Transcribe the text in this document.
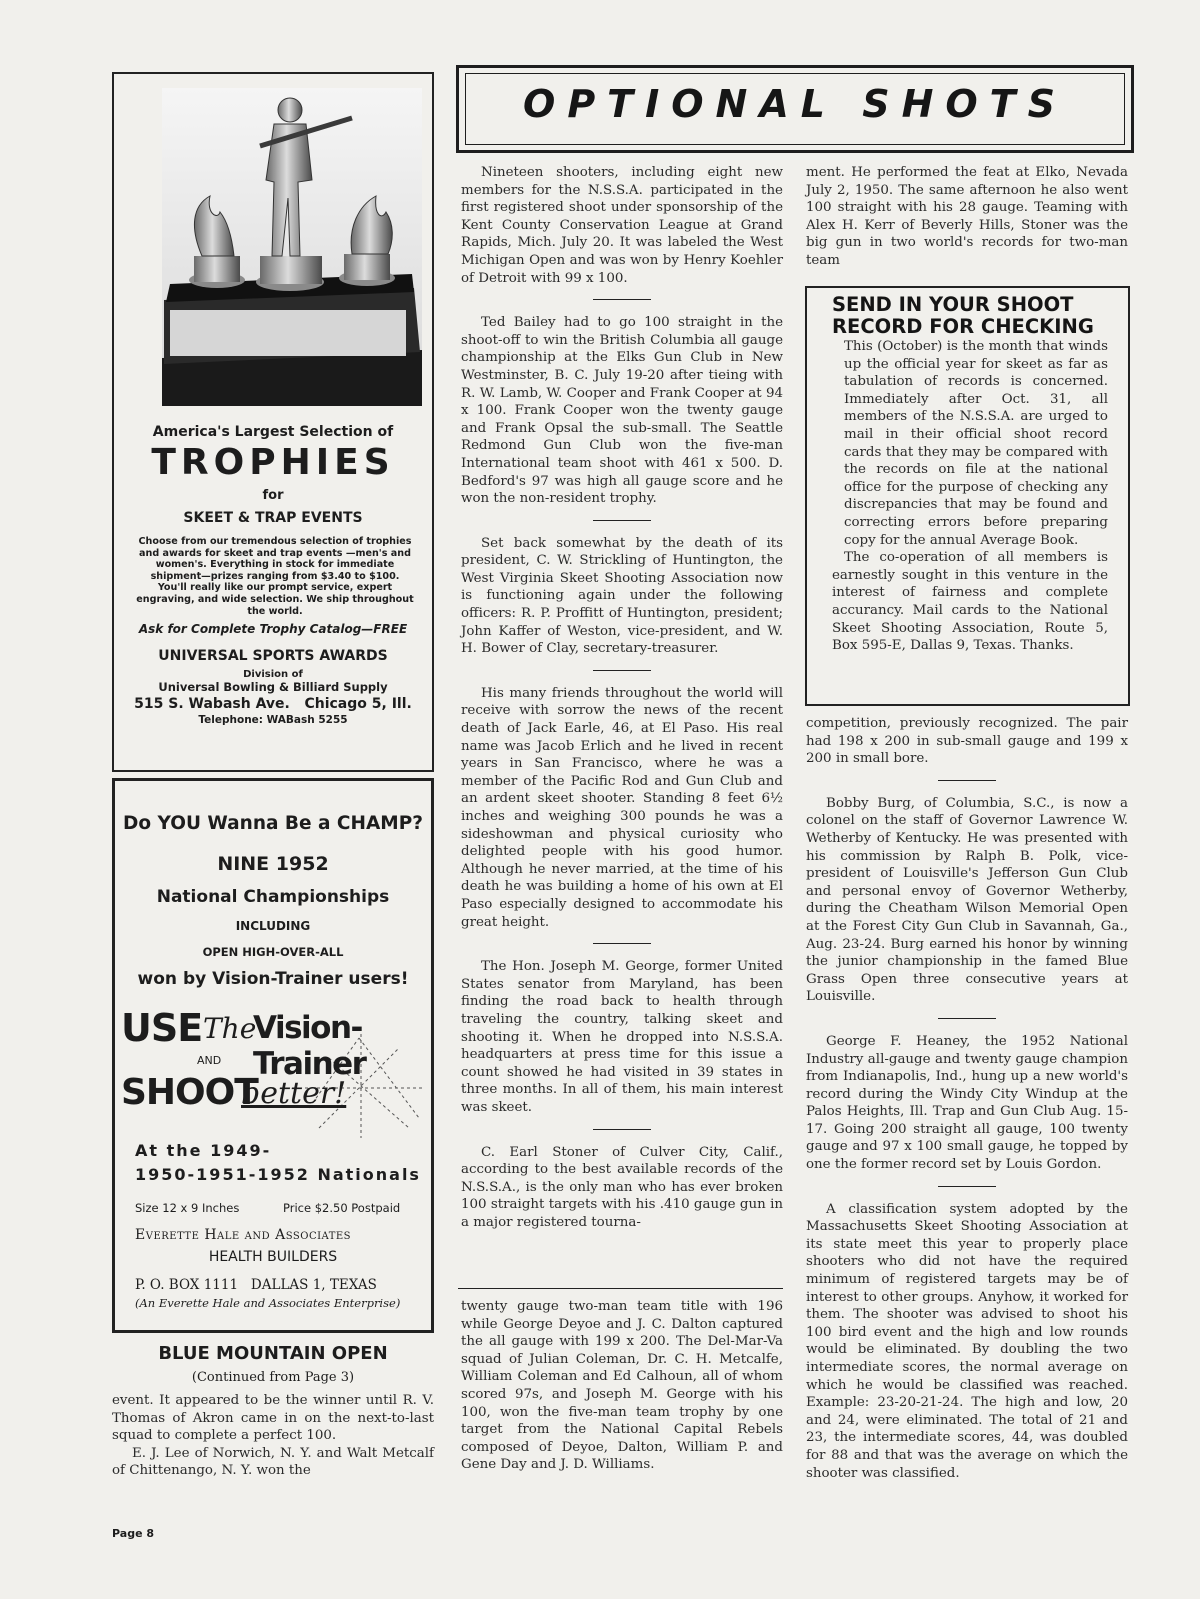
America's Largest Selection of
TROPHIES
for
SKEET & TRAP EVENTS
Choose from our tremendous selection of trophies and awards for skeet and trap events —men's and women's. Everything in stock for immediate shipment—prizes ranging from $3.40 to $100. You'll really like our prompt service, expert engraving, and wide selection. We ship throughout the world.
Ask for Complete Trophy Catalog—FREE
UNIVERSAL SPORTS AWARDS
Division of
Universal Bowling & Billiard Supply
515 S. Wabash Ave.   Chicago 5, Ill.
Telephone: WABash 5255
Do YOU Wanna Be a CHAMP?
NINE 1952
National Championships
INCLUDING
OPEN HIGH-OVER-ALL
won by Vision-Trainer users!
USE The
Vision-Trainer
AND
SHOOT
better!
At the 1949-
1950-1951-1952 Nationals
Size 12 x 9 Inches	Price $2.50 Postpaid
Everette Hale and Associates
HEALTH BUILDERS
P. O. BOX 1111   DALLAS 1, TEXAS
(An Everette Hale and Associates Enterprise)
BLUE MOUNTAIN OPEN
(Continued from Page 3)

event. It appeared to be the winner until R. V. Thomas of Akron came in on the next-to-last squad to complete a perfect 100.

E. J. Lee of Norwich, N. Y. and Walt Metcalf of Chittenango, N. Y. won the

OPTIONAL SHOTS

Nineteen shooters, including eight new members for the N.S.S.A. participated in the first registered shoot under sponsorship of the Kent County Conservation League at Grand Rapids, Mich. July 20. It was labeled the West Michigan Open and was won by Henry Koehler of Detroit with 99 x 100.

Ted Bailey had to go 100 straight in the shoot-off to win the British Columbia all gauge championship at the Elks Gun Club in New Westminster, B. C. July 19-20 after tieing with R. W. Lamb, W. Cooper and Frank Cooper at 94 x 100. Frank Cooper won the twenty gauge and Frank Opsal the sub-small. The Seattle Redmond Gun Club won the five-man International team shoot with 461 x 500. D. Bedford's 97 was high all gauge score and he won the non-resident trophy.

Set back somewhat by the death of its president, C. W. Strickling of Huntington, the West Virginia Skeet Shooting Association now is functioning again under the following officers: R. P. Proffitt of Huntington, president; John Kaffer of Weston, vice-president, and W. H. Bower of Clay, secretary-treasurer.

His many friends throughout the world will receive with sorrow the news of the recent death of Jack Earle, 46, at El Paso. His real name was Jacob Erlich and he lived in recent years in San Francisco, where he was a member of the Pacific Rod and Gun Club and an ardent skeet shooter. Standing 8 feet 6½ inches and weighing 300 pounds he was a sideshowman and physical curiosity who delighted people with his good humor. Although he never married, at the time of his death he was building a home of his own at El Paso especially designed to accommodate his great height.

The Hon. Joseph M. George, former United States senator from Maryland, has been finding the road back to health through traveling the country, talking skeet and shooting it. When he dropped into N.S.S.A. headquarters at press time for this issue a count showed he had visited in 39 states in three months. In all of them, his main interest was skeet.

C. Earl Stoner of Culver City, Calif., according to the best available records of the N.S.S.A., is the only man who has ever broken 100 straight targets with his .410 gauge gun in a major registered tourna-

twenty gauge two-man team title with 196 while George Deyoe and J. C. Dalton captured the all gauge with 199 x 200. The Del-Mar-Va squad of Julian Coleman, Dr. C. H. Metcalfe, William Coleman and Ed Calhoun, all of whom scored 97s, and Joseph M. George with his 100, won the five-man team trophy by one target from the National Capital Rebels composed of Deyoe, Dalton, William P. and Gene Day and J. D. Williams.

ment. He performed the feat at Elko, Nevada July 2, 1950. The same afternoon he also went 100 straight with his 28 gauge. Teaming with Alex H. Kerr of Beverly Hills, Stoner was the big gun in two world's records for two-man team

SEND IN YOUR SHOOT RECORD FOR CHECKING

This (October) is the month that winds up the official year for skeet as far as tabulation of records is concerned. Immediately after Oct. 31, all members of the N.S.S.A. are urged to mail in their official shoot record cards that they may be compared with the records on file at the national office for the purpose of checking any discrepancies that may be found and correcting errors before preparing copy for the annual Average Book.

The co-operation of all members is earnestly sought in this venture in the interest of fairness and complete accurancy. Mail cards to the National Skeet Shooting Association, Route 5, Box 595-E, Dallas 9, Texas. Thanks.

competition, previously recognized. The pair had 198 x 200 in sub-small gauge and 199 x 200 in small bore.

Bobby Burg, of Columbia, S.C., is now a colonel on the staff of Governor Lawrence W. Wetherby of Kentucky. He was presented with his commission by Ralph B. Polk, vice-president of Louisville's Jefferson Gun Club and personal envoy of Governor Wetherby, during the Cheatham Wilson Memorial Open at the Forest City Gun Club in Savannah, Ga., Aug. 23-24. Burg earned his honor by winning the junior championship in the famed Blue Grass Open three consecutive years at Louisville.

George F. Heaney, the 1952 National Industry all-gauge and twenty gauge champion from Indianapolis, Ind., hung up a new world's record during the Windy City Windup at the Palos Heights, Ill. Trap and Gun Club Aug. 15-17. Going 200 straight all gauge, 100 twenty gauge and 97 x 100 small gauge, he topped by one the former record set by Louis Gordon.

A classification system adopted by the Massachusetts Skeet Shooting Association at its state meet this year to properly place shooters who did not have the required minimum of registered targets may be of interest to other groups. Anyhow, it worked for them. The shooter was advised to shoot his 100 bird event and the high and low rounds would be eliminated. By doubling the two intermediate scores, the normal average on which he would be classified was reached. Example: 23-20-21-24. The high and low, 20 and 24, were eliminated. The total of 21 and 23, the intermediate scores, 44, was doubled for 88 and that was the average on which the shooter was classified.

Page 8
